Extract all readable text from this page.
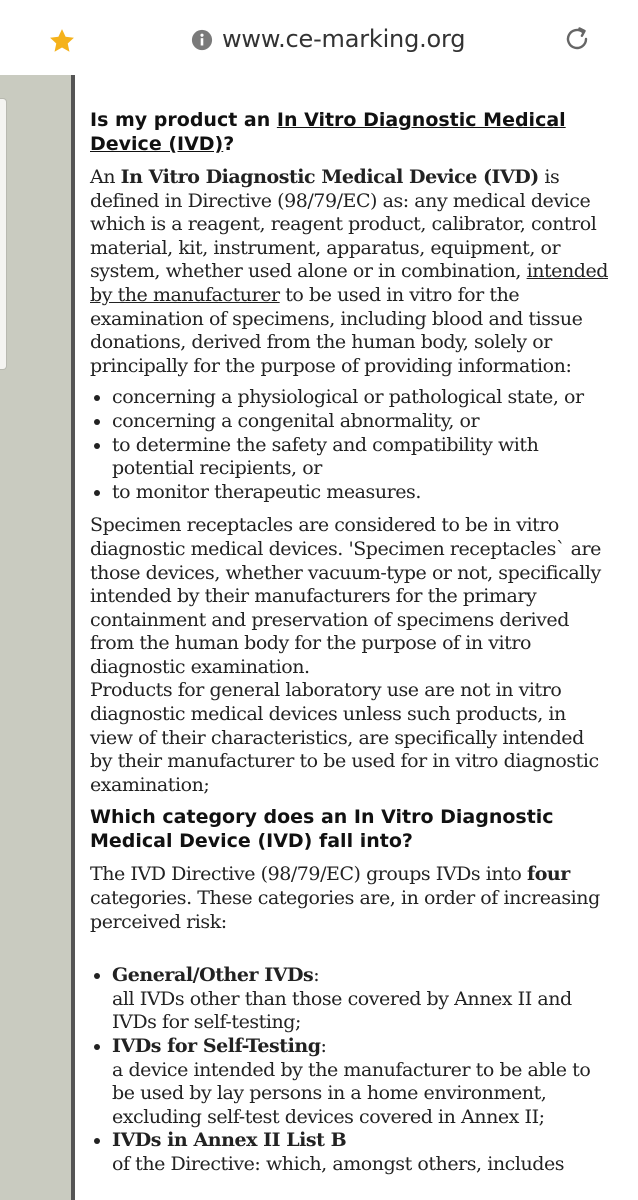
www.ce-marking.org
Is my product an In Vitro Diagnostic Medical Device (IVD)?

An In Vitro Diagnostic Medical Device (IVD) is defined in Directive (98/79/EC) as: any medical device which is a reagent, reagent product, calibrator, control material, kit, instrument, apparatus, equipment, or system, whether used alone or in combination, intended by the manufacturer to be used in vitro for the examination of specimens, including blood and tissue donations, derived from the human body, solely or principally for the purpose of providing information:

• concerning a physiological or pathological state, or
• concerning a congenital abnormality, or
• to determine the safety and compatibility with potential recipients, or
• to monitor therapeutic measures.

Specimen receptacles are considered to be in vitro diagnostic medical devices. 'Specimen receptacles` are those devices, whether vacuum-type or not, specifically intended by their manufacturers for the primary containment and preservation of specimens derived from the human body for the purpose of in vitro diagnostic examination.

Products for general laboratory use are not in vitro diagnostic medical devices unless such products, in view of their characteristics, are specifically intended by their manufacturer to be used for in vitro diagnostic examination;

Which category does an In Vitro Diagnostic Medical Device (IVD) fall into?

The IVD Directive (98/79/EC) groups IVDs into four categories. These categories are, in order of increasing perceived risk:

• General/Other IVDs:
all IVDs other than those covered by Annex II and IVDs for self-testing;
• IVDs for Self-Testing:
a device intended by the manufacturer to be able to be used by lay persons in a home environment, excluding self-test devices covered in Annex II;
• IVDs in Annex II List B
of the Directive: which, amongst others, includes
